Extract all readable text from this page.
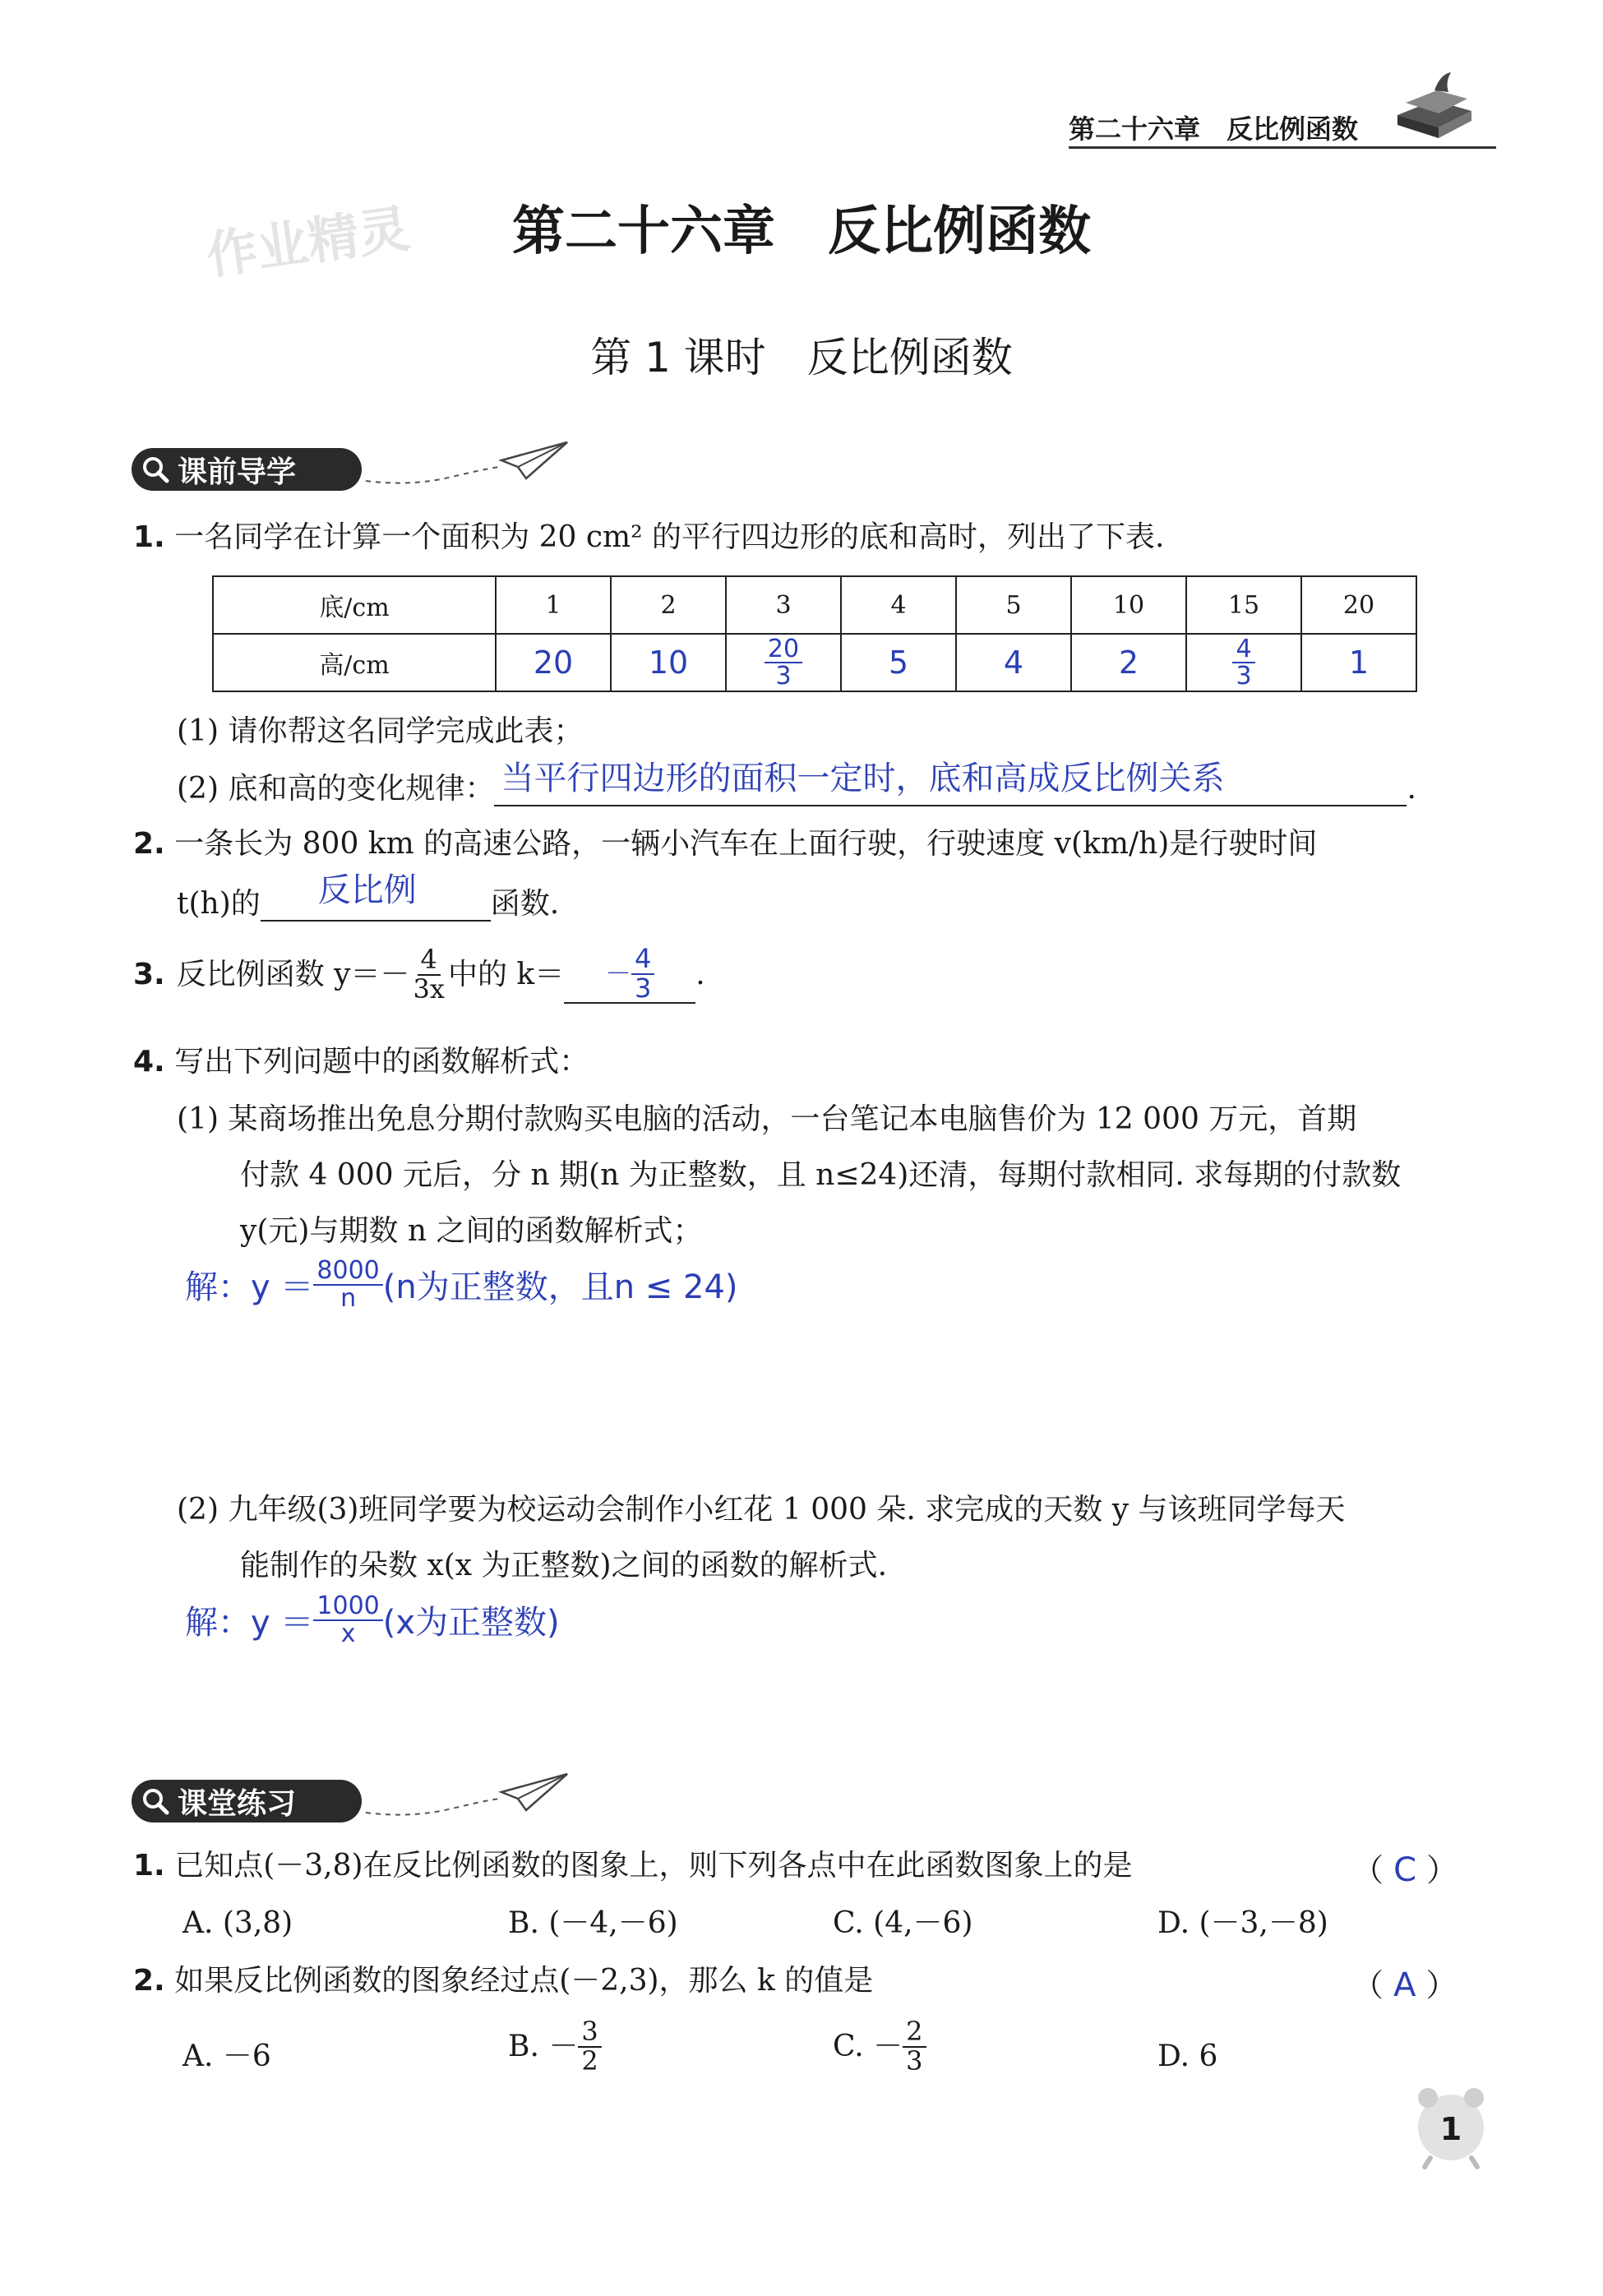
第二十六章　反比例函数
作业精灵	第二十六章　反比例函数
第 1 课时　反比例函数
课前导学
1. 一名同学在计算一个面积为 20 cm² 的平行四边形的底和高时，列出了下表.
底/cm	1	2	3	4	5	10	15	20
高/cm	20	10	$\frac{20}{3}$	5	4	2	$\frac{4}{3}$	1
(1) 请你帮这名同学完成此表；
(2) 底和高的变化规律： 当平行四边形的面积一定时，底和高成反比例关系	.
2. 一条长为 800 km 的高速公路，一辆小汽车在上面行驶，行驶速度 v(km/h)是行驶时间
t(h)的 反比例	函数.
3. 反比例函数 $y=- \frac{4}{3x}$ 中的 $k= - \frac{4}{3}$ .
4. 写出下列问题中的函数解析式：
(1) 某商场推出免息分期付款购买电脑的活动，一台笔记本电脑售价为 12 000 万元，首期
付款 4 000 元后，分 n 期(n 为正整数，且 n≤24)还清，每期付款相同. 求每期的付款数
y(元)与期数 n 之间的函数解析式；
解：$y = \frac{8000}{n} (n$为正整数，且n ≤ 24)
(2) 九年级(3)班同学要为校运动会制作小红花 1 000 朵. 求完成的天数 y 与该班同学每天
能制作的朵数 x(x 为正整数)之间的函数的解析式.
解：$y = \frac{1000}{x} (x$为正整数)
课堂练习
1. 已知点(－3,8)在反比例函数的图象上，则下列各点中在此函数图象上的是	（ C ）
A. (3,8)	B. (－4,－6)	C. (4,－6)	D. (－3,－8)
2. 如果反比例函数的图象经过点(－2,3)，那么 k 的值是	（ A ）
A. －6	B. － $\frac{3}{2}$	C. － $\frac{2}{3}$	D. 6
1
